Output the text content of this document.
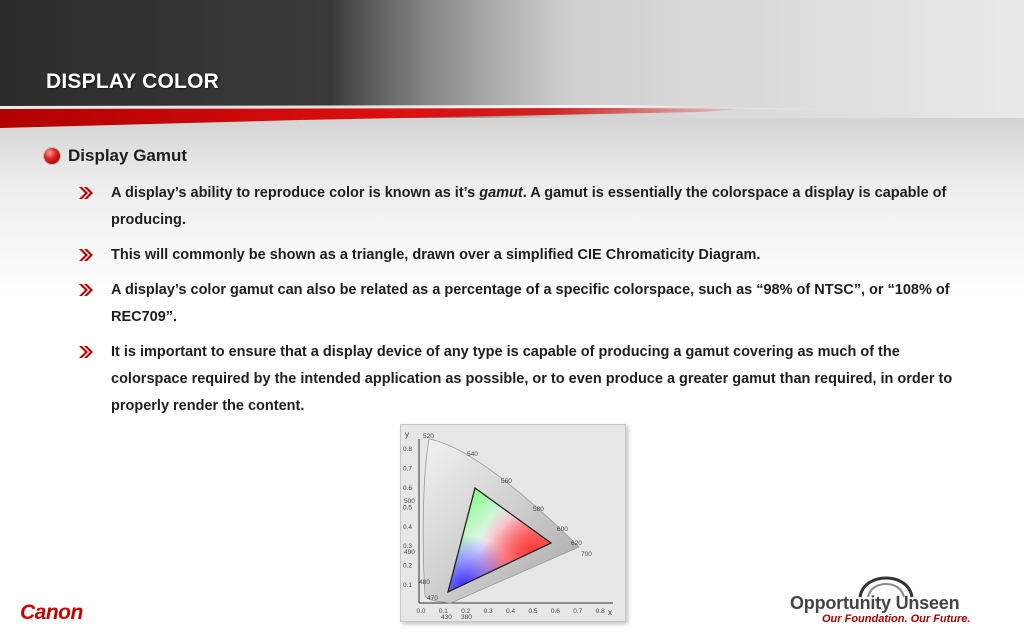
DISPLAY COLOR
Display Gamut
A display’s ability to reproduce color is known as it’s gamut. A gamut is essentially the colorspace a display is capable of producing.
This will commonly be shown as a triangle, drawn over a simplified CIE Chromaticity Diagram.
A display’s color gamut can also be related as a percentage of a specific colorspace, such as “98% of NTSC”, or “108% of REC709”.
It is important to ensure that a display device of any type is capable of producing a gamut covering as much of the colorspace required by the intended application as possible, or to even produce a greater gamut than required, in order to properly render the content.
y
x
0.0 0.1 0.2 0.3 0.4 0.5 0.6 0.7 0.8
0.1
0.2
0.3
0.4
0.5
0.6
0.7
0.8
520
540
560
580
600
620
700
500
490
480
470
430 380
Canon	Opportunity Unseen
Our Foundation. Our Future.
